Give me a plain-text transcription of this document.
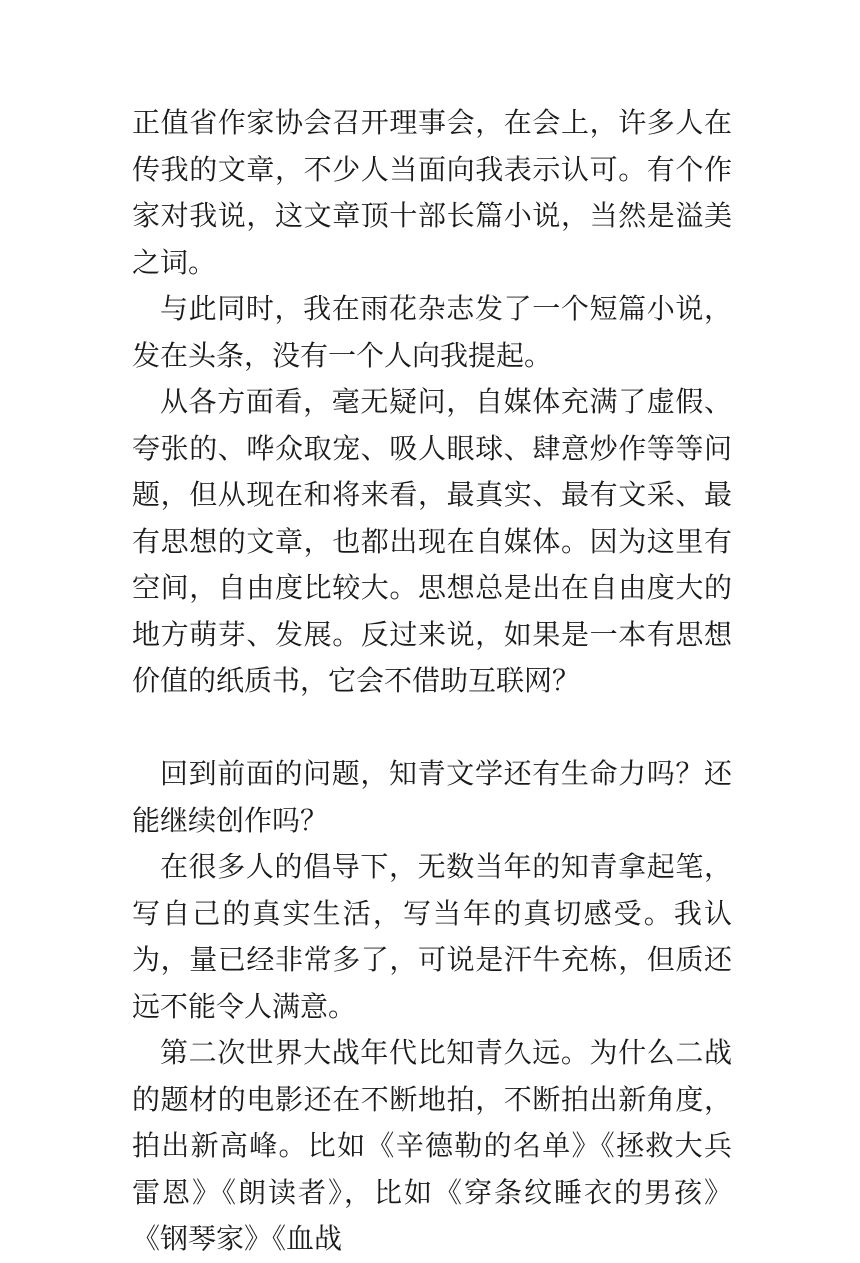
正值省作家协会召开理事会，在会上，许多人在传我的文章，不少人当面向我表示认可。有个作家对我说，这文章顶十部长篇小说，当然是溢美之词。

与此同时，我在雨花杂志发了一个短篇小说，发在头条，没有一个人向我提起。

从各方面看，毫无疑问，自媒体充满了虚假、夸张的、哗众取宠、吸人眼球、肆意炒作等等问题，但从现在和将来看，最真实、最有文采、最有思想的文章，也都出现在自媒体。因为这里有空间，自由度比较大。思想总是出在自由度大的地方萌芽、发展。反过来说，如果是一本有思想价值的纸质书，它会不借助互联网？

回到前面的问题，知青文学还有生命力吗？还能继续创作吗？

在很多人的倡导下，无数当年的知青拿起笔，写自己的真实生活，写当年的真切感受。我认为，量已经非常多了，可说是汗牛充栋，但质还远不能令人满意。

第二次世界大战年代比知青久远。为什么二战的题材的电影还在不断地拍，不断拍出新角度，拍出新高峰。比如《辛德勒的名单》《拯救大兵雷恩》《朗读者》，比如《穿条纹睡衣的男孩》《钢琴家》《血战
